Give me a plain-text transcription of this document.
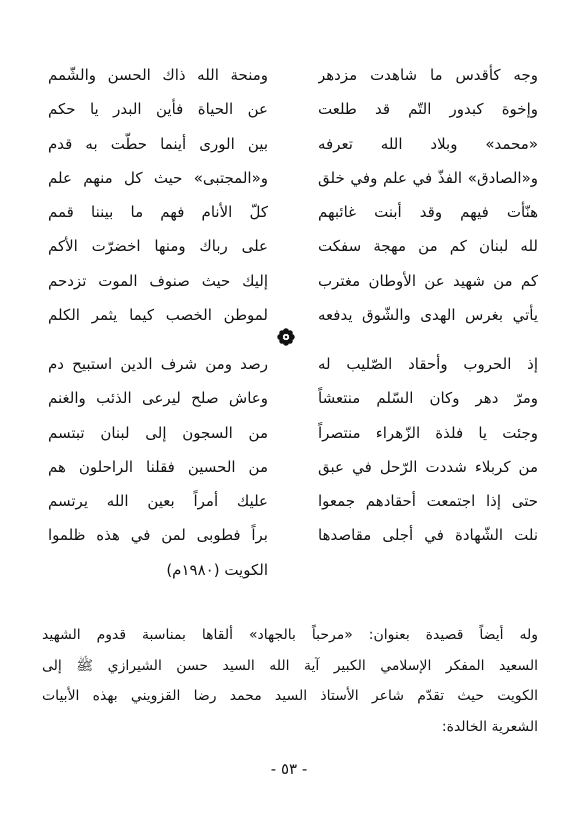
وجه كأقدس ما شاهدت مزدهر
وإخوة كبدور التّم قد طلعت
«محمد» وبلاد الله تعرفه
و«الصادق» الفذّ في علم وفي خلق
هنّأت فيهم وقد أبنت غائبهم
لله لبنان كم من مهجة سفكت
كم من شهيد عن الأوطان مغترب
يأتي بغرس الهدى والشّوق يدفعه
ومنحة الله ذاك الحسن والشّمم
عن الحياة فأين البدر يا حكم
بين الورى أينما حطّت به قدم
و«المجتبى» حيث كل منهم علم
كلّ الأنام فهم ما بيننا قمم
على رباك ومنها اخضرّت الأكم
إليك حيث صنوف الموت تزدحم
لموطن الخصب كيما يثمر الكلم
إذ الحروب وأحقاد الصّليب له
ومرّ دهر وكان السّلم منتعشاً
وجئت يا فلذة الزّهراء منتصراً
من كربلاء شددت الرّحل في عبق
حتى إذا اجتمعت أحقادهم جمعوا
نلت الشّهادة في أجلى مقاصدها
رصد ومن شرف الدين استبيح دم
وعاش صلح ليرعى الذئب والغنم
من السجون إلى لبنان تبتسم
من الحسين فقلنا الراحلون هم
عليك أمراً بعين الله يرتسم
براً فطوبى لمن في هذه ظلموا
الكويت (١٩٨٠م)
وله أيضاً قصيدة بعنوان: «مرحباً بالجهاد» ألقاها بمناسبة قدوم الشهيد
السعيد المفكر الإسلامي الكبير آية الله السيد حسن الشيرازي ﷺ إلى
الكويت حيث تقدّم شاعر الأستاذ السيد محمد رضا القزويني بهذه الأبيات
الشعرية الخالدة:
- ٥٣ -
